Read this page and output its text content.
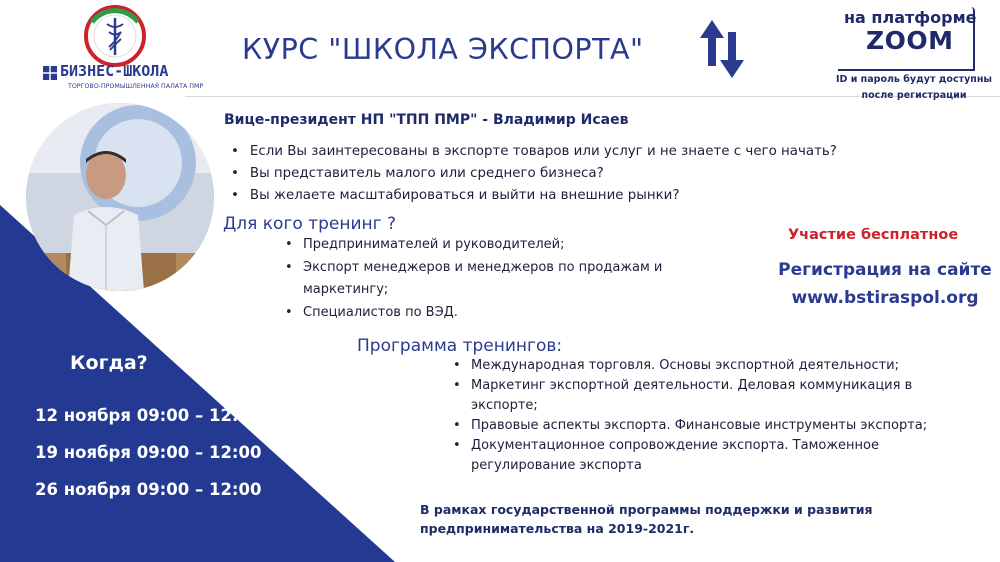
БИЗНЕС-ШКОЛА
ТОРГОВО-ПРОМЫШЛЕННАЯ ПАЛАТА ПМР
КУРС "ШКОЛА ЭКСПОРТА"
на платформе
ZOOM
ID и пароль будут доступны после регистрации
Вице-президент НП "ТПП ПМР" - Владимир Исаев
• Если Вы заинтересованы в экспорте товаров или услуг и не знаете с чего начать?
• Вы представитель малого или среднего бизнеса?
• Вы желаете масштабироваться и выйти на внешние рынки?
Для кого тренинг ?
• Предпринимателей и руководителей;
• Экспорт менеджеров и менеджеров по продажам и маркетингу;
• Специалистов по ВЭД.
Участие бесплатное
Регистрация на сайте
www.bstiraspol.org
Программа тренингов:
• Международная торговля. Основы экспортной деятельности;
• Маркетинг экспортной деятельности. Деловая коммуникация в экспорте;
• Правовые аспекты экспорта. Финансовые инструменты экспорта;
• Документационное сопровождение экспорта. Таможенное регулирование экспорта
Когда?
12 ноября 09:00 – 12:00
19 ноября 09:00 – 12:00
26 ноября 09:00 – 12:00
В рамках государственной программы поддержки и развития предпринимательства на 2019-2021г.
